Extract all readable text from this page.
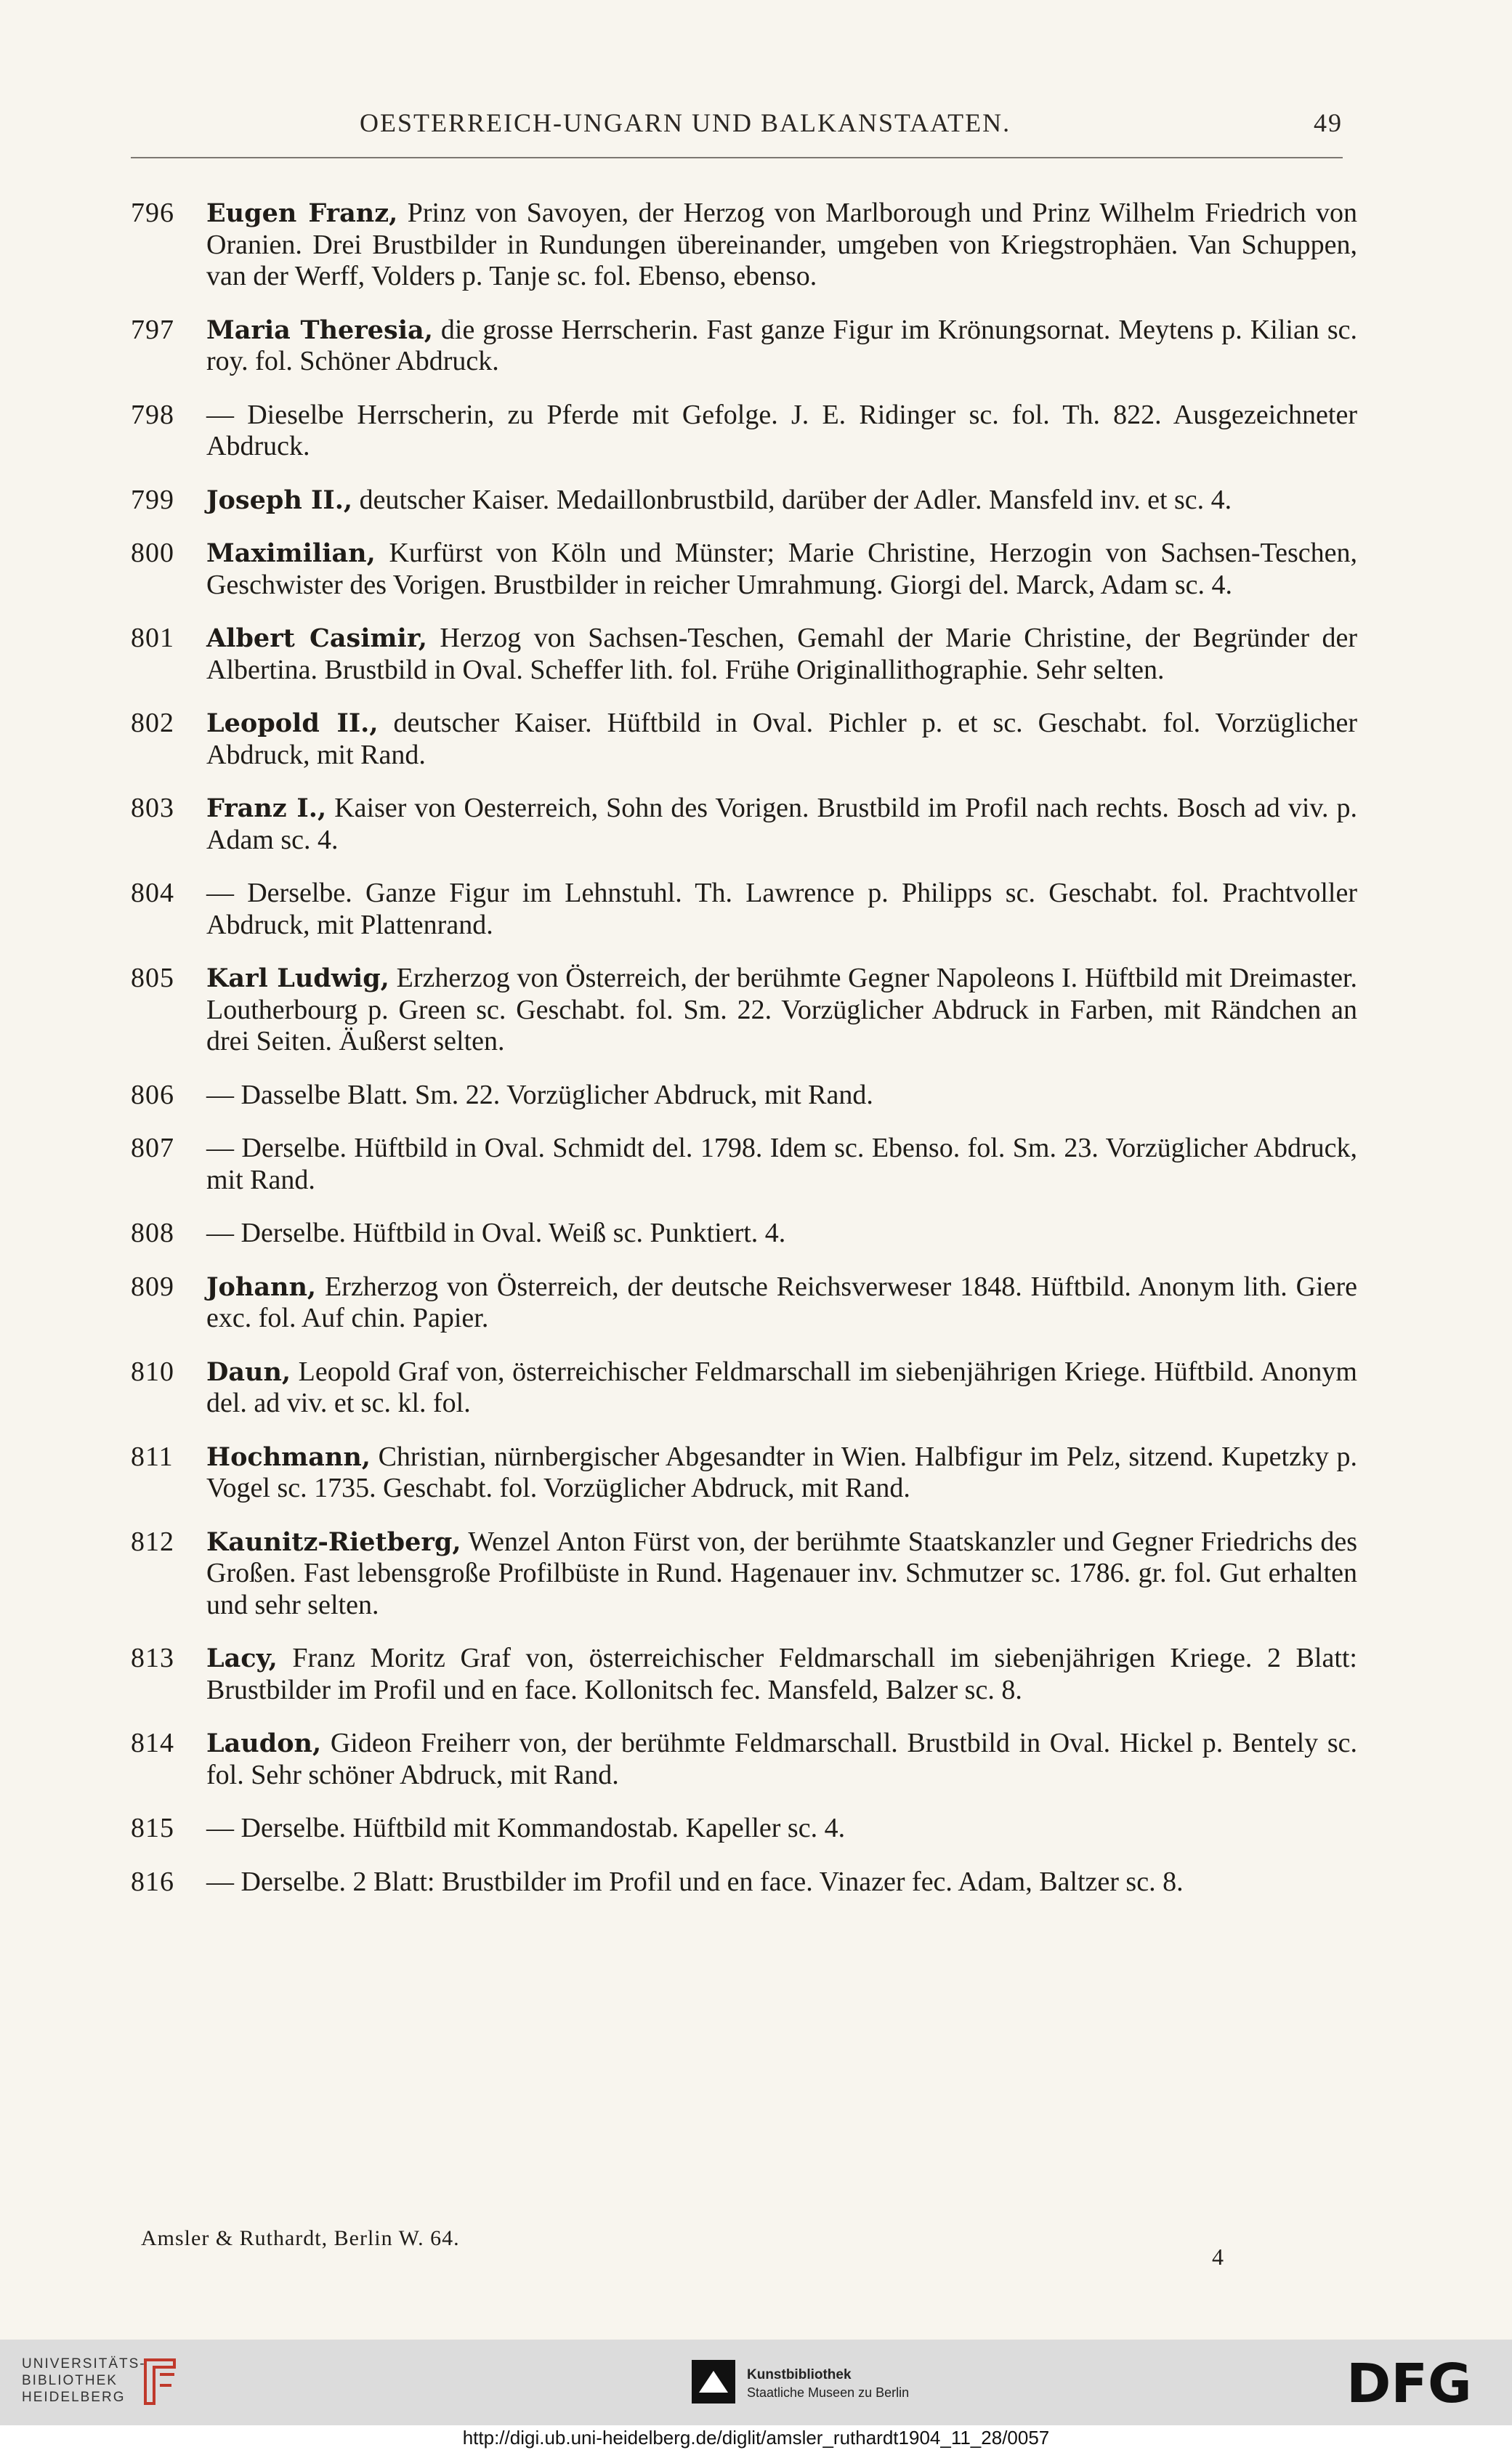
OESTERREICH-UNGARN UND BALKANSTAATEN.	49
796	Eugen Franz, Prinz von Savoyen, der Herzog von Marlborough und Prinz Wilhelm Friedrich von Oranien. Drei Brustbilder in Rundungen übereinander, umgeben von Kriegstrophäen. Van Schuppen, van der Werff, Volders p. Tanje sc. fol. Ebenso, ebenso.
797	Maria Theresia, die grosse Herrscherin. Fast ganze Figur im Krönungsornat. Meytens p. Kilian sc. roy. fol. Schöner Abdruck.
798	— Dieselbe Herrscherin, zu Pferde mit Gefolge. J. E. Ridinger sc. fol. Th. 822. Ausgezeichneter Abdruck.
799	Joseph II., deutscher Kaiser. Medaillonbrustbild, darüber der Adler. Mansfeld inv. et sc. 4.
800	Maximilian, Kurfürst von Köln und Münster; Marie Christine, Herzogin von Sachsen-Teschen, Geschwister des Vorigen. Brustbilder in reicher Umrahmung. Giorgi del. Marck, Adam sc. 4.
801	Albert Casimir, Herzog von Sachsen-Teschen, Gemahl der Marie Christine, der Begründer der Albertina. Brustbild in Oval. Scheffer lith. fol. Frühe Originallithographie. Sehr selten.
802	Leopold II., deutscher Kaiser. Hüftbild in Oval. Pichler p. et sc. Geschabt. fol. Vorzüglicher Abdruck, mit Rand.
803	Franz I., Kaiser von Oesterreich, Sohn des Vorigen. Brustbild im Profil nach rechts. Bosch ad viv. p. Adam sc. 4.
804	— Derselbe. Ganze Figur im Lehnstuhl. Th. Lawrence p. Philipps sc. Geschabt. fol. Prachtvoller Abdruck, mit Plattenrand.
805	Karl Ludwig, Erzherzog von Österreich, der berühmte Gegner Napoleons I. Hüftbild mit Dreimaster. Loutherbourg p. Green sc. Geschabt. fol. Sm. 22. Vorzüglicher Abdruck in Farben, mit Rändchen an drei Seiten. Äußerst selten.
806	— Dasselbe Blatt. Sm. 22. Vorzüglicher Abdruck, mit Rand.
807	— Derselbe. Hüftbild in Oval. Schmidt del. 1798. Idem sc. Ebenso. fol. Sm. 23. Vorzüglicher Abdruck, mit Rand.
808	— Derselbe. Hüftbild in Oval. Weiß sc. Punktiert. 4.
809	Johann, Erzherzog von Österreich, der deutsche Reichsverweser 1848. Hüftbild. Anonym lith. Giere exc. fol. Auf chin. Papier.
810	Daun, Leopold Graf von, österreichischer Feldmarschall im siebenjährigen Kriege. Hüftbild. Anonym del. ad viv. et sc. kl. fol.
811	Hochmann, Christian, nürnbergischer Abgesandter in Wien. Halbfigur im Pelz, sitzend. Kupetzky p. Vogel sc. 1735. Geschabt. fol. Vorzüglicher Abdruck, mit Rand.
812	Kaunitz-Rietberg, Wenzel Anton Fürst von, der berühmte Staatskanzler und Gegner Friedrichs des Großen. Fast lebensgroße Profilbüste in Rund. Hagenauer inv. Schmutzer sc. 1786. gr. fol. Gut erhalten und sehr selten.
813	Lacy, Franz Moritz Graf von, österreichischer Feldmarschall im siebenjährigen Kriege. 2 Blatt: Brustbilder im Profil und en face. Kollonitsch fec. Mansfeld, Balzer sc. 8.
814	Laudon, Gideon Freiherr von, der berühmte Feldmarschall. Brustbild in Oval. Hickel p. Bentely sc. fol. Sehr schöner Abdruck, mit Rand.
815	— Derselbe. Hüftbild mit Kommandostab. Kapeller sc. 4.
816	— Derselbe. 2 Blatt: Brustbilder im Profil und en face. Vinazer fec. Adam, Baltzer sc. 8.
Amsler & Ruthardt, Berlin W. 64.
4
UNIVERSITÄTS-
BIBLIOTHEK
HEIDELBERG
Kunstbibliothek
Staatliche Museen zu Berlin	DFG
http://digi.ub.uni-heidelberg.de/diglit/amsler_ruthardt1904_11_28/0057
